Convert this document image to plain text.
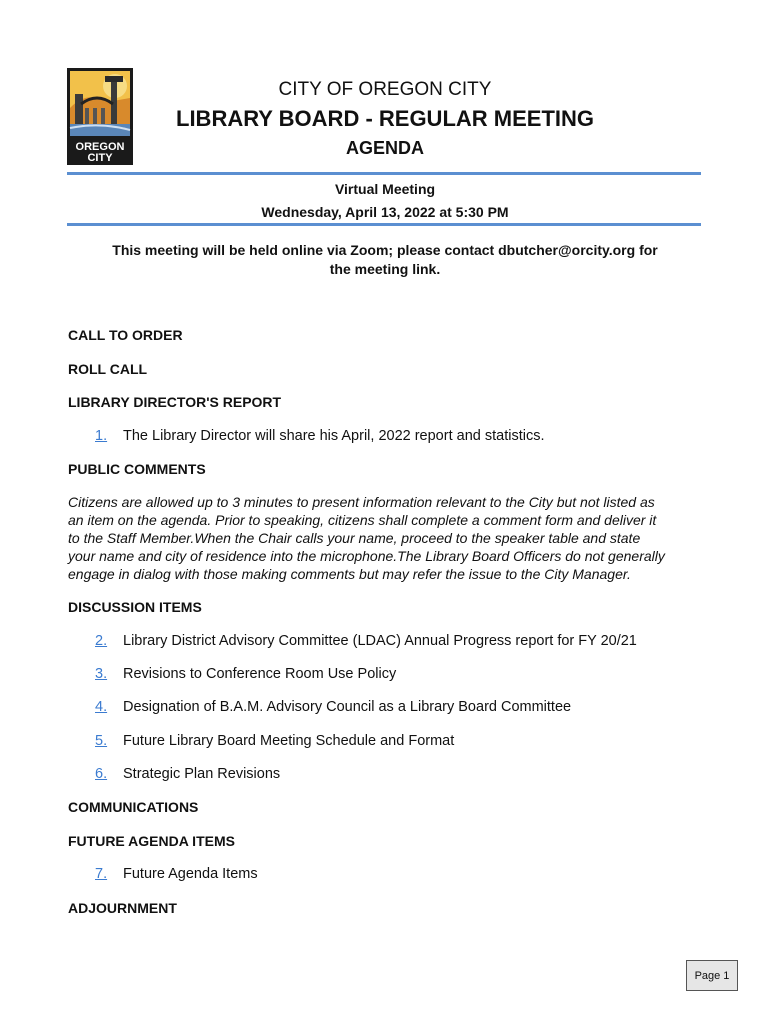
OREGON
CITY
CITY OF OREGON CITY
LIBRARY BOARD - REGULAR MEETING
AGENDA
Virtual Meeting
Wednesday, April 13, 2022 at 5:30 PM
This meeting will be held online via Zoom; please contact dbutcher@orcity.org for
the meeting link.
CALL TO ORDER
ROLL CALL
LIBRARY DIRECTOR'S REPORT
1. The Library Director will share his April, 2022 report and statistics.
PUBLIC COMMENTS
Citizens are allowed up to 3 minutes to present information relevant to the City but not listed as
an item on the agenda. Prior to speaking, citizens shall complete a comment form and deliver it
to the Staff Member.When the Chair calls your name, proceed to the speaker table and state
your name and city of residence into the microphone.The Library Board Officers do not generally
engage in dialog with those making comments but may refer the issue to the City Manager.
DISCUSSION ITEMS
2. Library District Advisory Committee (LDAC) Annual Progress report for FY 20/21
3. Revisions to Conference Room Use Policy
4. Designation of B.A.M. Advisory Council as a Library Board Committee
5. Future Library Board Meeting Schedule and Format
6. Strategic Plan Revisions
COMMUNICATIONS
FUTURE AGENDA ITEMS
7. Future Agenda Items
ADJOURNMENT
Page 1
